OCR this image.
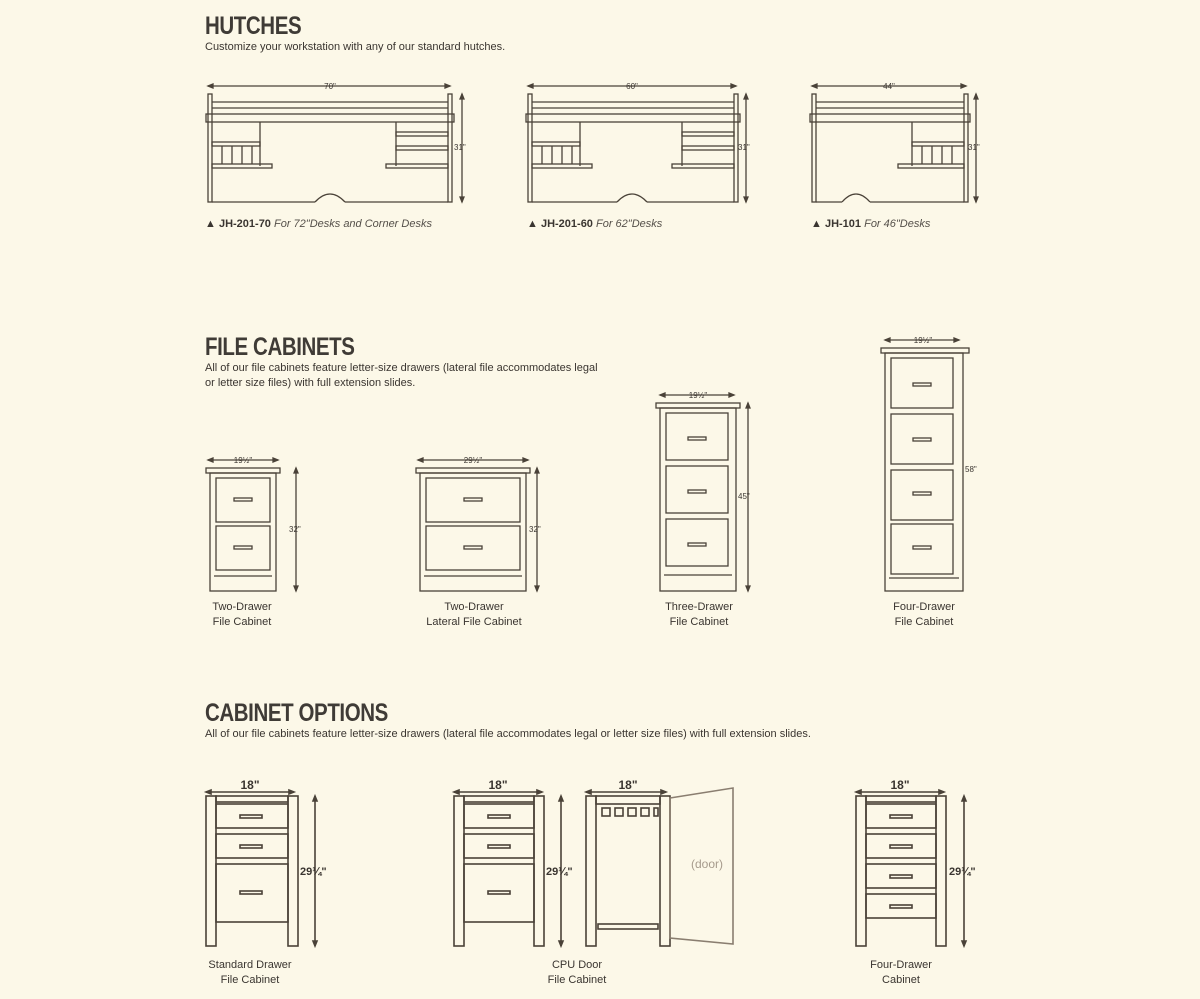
HUTCHES
Customize your workstation with any of our standard hutches.
70"
31"
▲ JH-201-70 For 72"Desks and Corner Desks
60"
31"
▲ JH-201-60 For 62"Desks
44"
31"
▲ JH-101 For 46"Desks
FILE CABINETS
All of our file cabinets feature letter-size drawers (lateral file accommodates legal
or letter size files) with full extension slides.
19½"
32"
Two-Drawer
File Cabinet
29½"
32"
Two-Drawer
Lateral File Cabinet
19½"
45"
Three-Drawer
File Cabinet
19½"
58"
Four-Drawer
File Cabinet
CABINET OPTIONS
All of our file cabinets feature letter-size drawers (lateral file accommodates legal or letter size files) with full extension slides.
18"
29¼"
Standard Drawer
File Cabinet
18"
29¼"
18"
(door)
CPU Door
File Cabinet
18"
29¼"
Four-Drawer
Cabinet
